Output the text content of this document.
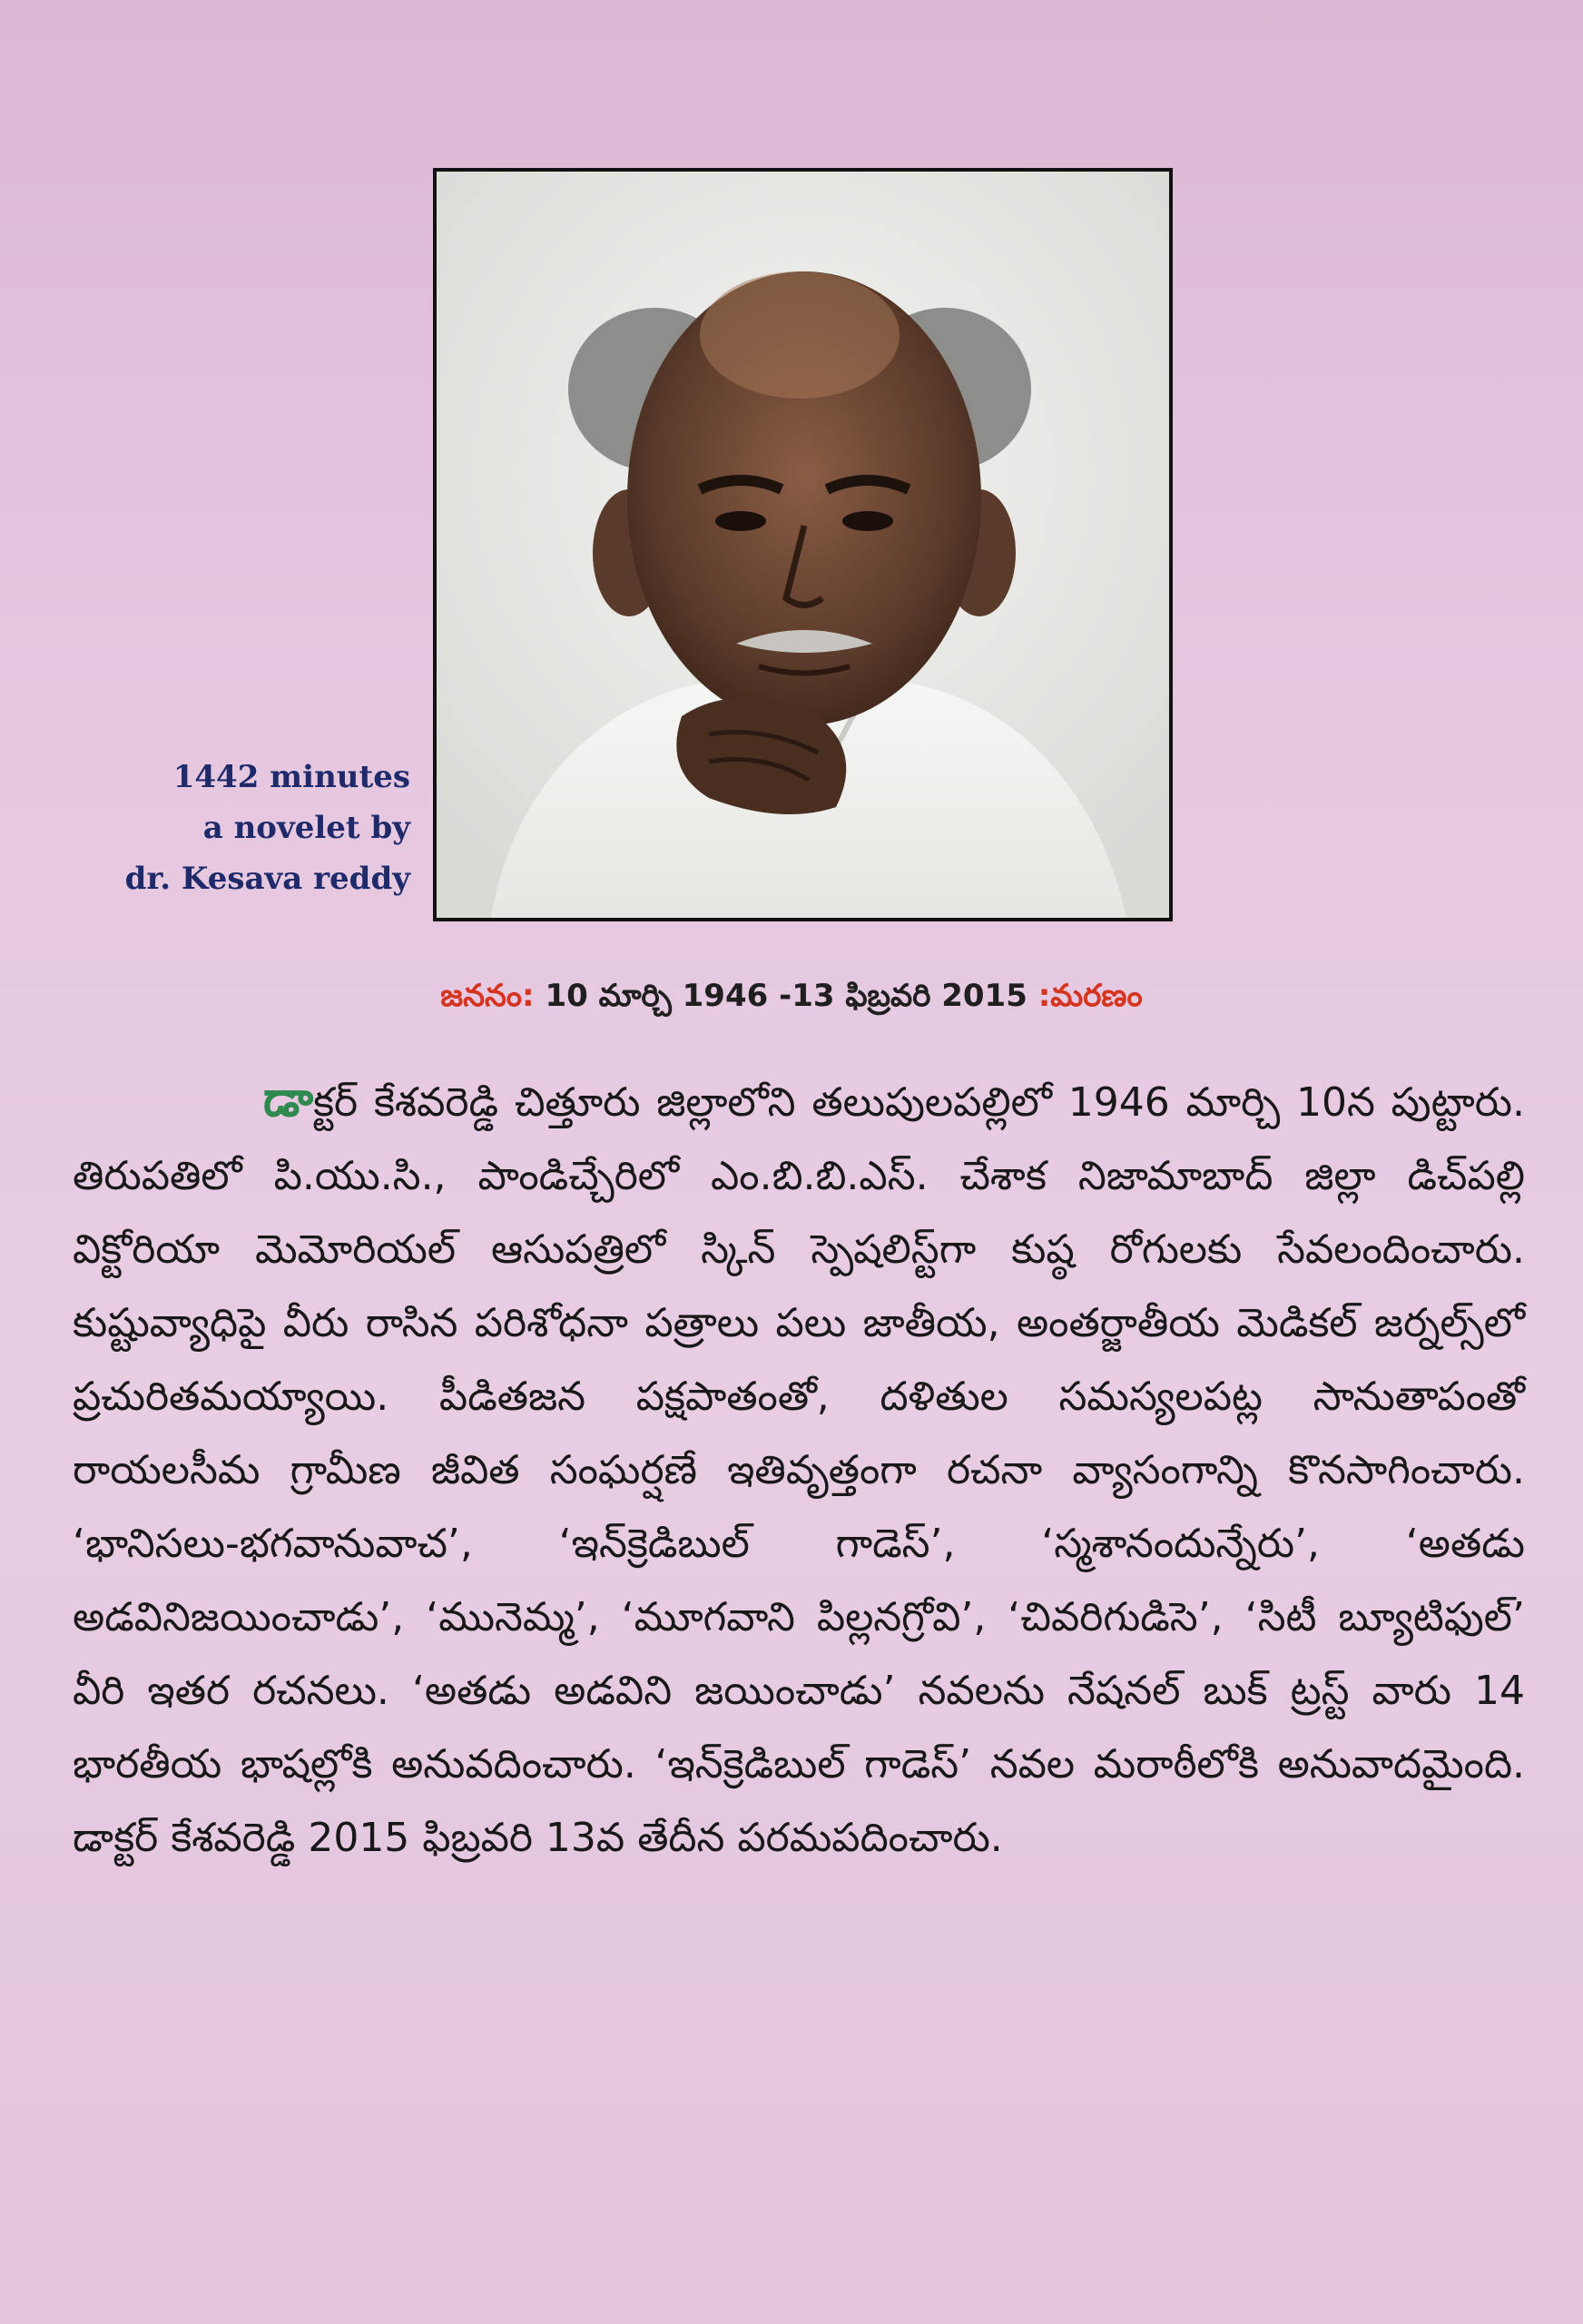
1442 minutes
a novelet by
dr. Kesava reddy
జననం: 10 మార్చి 1946 -13 ఫిబ్రవరి 2015 :మరణం
డాక్టర్ కేశవరెడ్డి చిత్తూరు జిల్లాలోని తలుపులపల్లిలో 1946 మార్చి 10న పుట్టారు. తిరుపతిలో పి.యు.సి., పాండిచ్చేరిలో ఎం.బి.బి.ఎస్. చేశాక నిజామాబాద్ జిల్లా డిచ్‌పల్లి విక్టోరియా మెమోరియల్ ఆసుపత్రిలో స్కిన్ స్పెషలిస్ట్‌గా కుష్ఠ రోగులకు సేవలందించారు. కుష్టువ్యాధిపై వీరు రాసిన పరిశోధనా పత్రాలు పలు జాతీయ, అంతర్జాతీయ మెడికల్ జర్నల్స్‌లో ప్రచురితమయ్యాయి. పీడితజన పక్షపాతంతో, దళితుల సమస్యలపట్ల సానుతాపంతో రాయలసీమ గ్రామీణ జీవిత సంఘర్షణే ఇతివృత్తంగా రచనా వ్యాసంగాన్ని కొనసాగించారు. ‘భానిసలు-భగవానువాచ’, ‘ఇన్‌క్రెడిబుల్ గాడెస్’, ‘స్మశానందున్నేరు’, ‘అతడు అడవినిజయించాడు’, ‘మునెమ్మ’, ‘మూగవాని పిల్లనగ్రోవి’, ‘చివరిగుడిసె’, ‘సిటీ బ్యూటిఫుల్’ వీరి ఇతర రచనలు. ‘అతడు అడవిని జయించాడు’ నవలను నేషనల్ బుక్ ట్రస్ట్ వారు 14 భారతీయ భాషల్లోకి అనువదించారు. ‘ఇన్‌క్రెడిబుల్ గాడెస్’ నవల మరాఠీలోకి అనువాదమైంది. డాక్టర్ కేశవరెడ్డి 2015 ఫిబ్రవరి 13వ తేదీన పరమపదించారు.
